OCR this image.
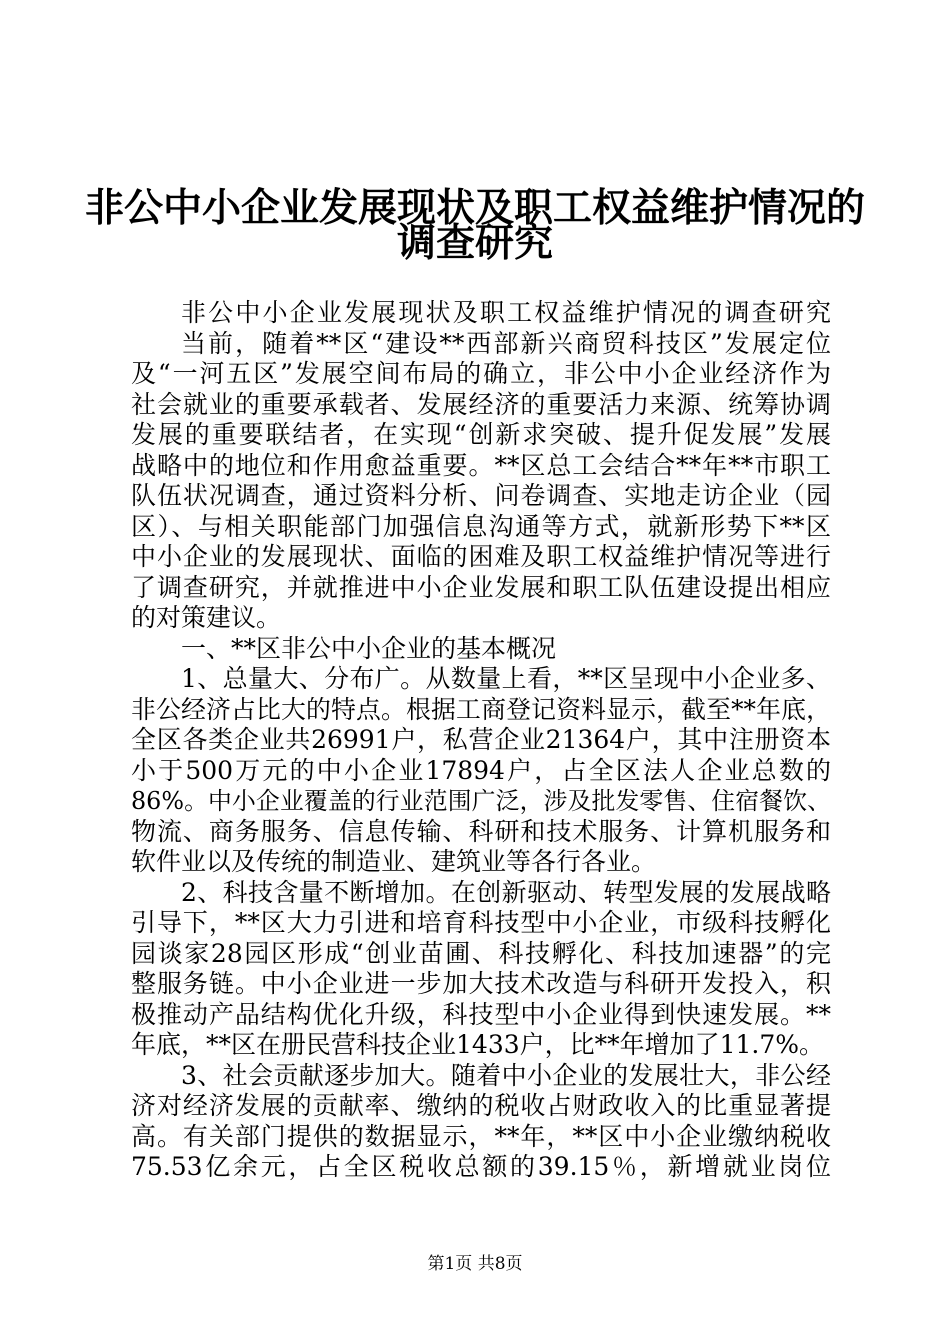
非公中小企业发展现状及职工权益维护情况的
调查研究
非公中小企业发展现状及职工权益维护情况的调查研究
当前，随着**区“建设**西部新兴商贸科技区”发展定位
及“一河五区”发展空间布局的确立，非公中小企业经济作为
社会就业的重要承载者、发展经济的重要活力来源、统筹协调
发展的重要联结者，在实现“创新求突破、提升促发展”发展
战略中的地位和作用愈益重要。**区总工会结合**年**市职工
队伍状况调查，通过资料分析、问卷调查、实地走访企业（园
区）、与相关职能部门加强信息沟通等方式，就新形势下**区
中小企业的发展现状、面临的困难及职工权益维护情况等进行
了调查研究，并就推进中小企业发展和职工队伍建设提出相应
的对策建议。
一、**区非公中小企业的基本概况
1、总量大、分布广。从数量上看，**区呈现中小企业多、
非公经济占比大的特点。根据工商登记资料显示，截至**年底，
全区各类企业共26991户，私营企业21364户，其中注册资本
小于500万元的中小企业17894户，占全区法人企业总数的
86%。中小企业覆盖的行业范围广泛，涉及批发零售、住宿餐饮、
物流、商务服务、信息传输、科研和技术服务、计算机服务和
软件业以及传统的制造业、建筑业等各行各业。
2、科技含量不断增加。在创新驱动、转型发展的发展战略
引导下，**区大力引进和培育科技型中小企业，市级科技孵化
园谈家28园区形成“创业苗圃、科技孵化、科技加速器”的完
整服务链。中小企业进一步加大技术改造与科研开发投入，积
极推动产品结构优化升级，科技型中小企业得到快速发展。**
年底，**区在册民营科技企业1433户，比**年增加了11.7%。
3、社会贡献逐步加大。随着中小企业的发展壮大，非公经
济对经济发展的贡献率、缴纳的税收占财政收入的比重显著提
高。有关部门提供的数据显示，**年，**区中小企业缴纳税收
75.53亿余元，占全区税收总额的39.15％，新增就业岗位
第1页 共8页
